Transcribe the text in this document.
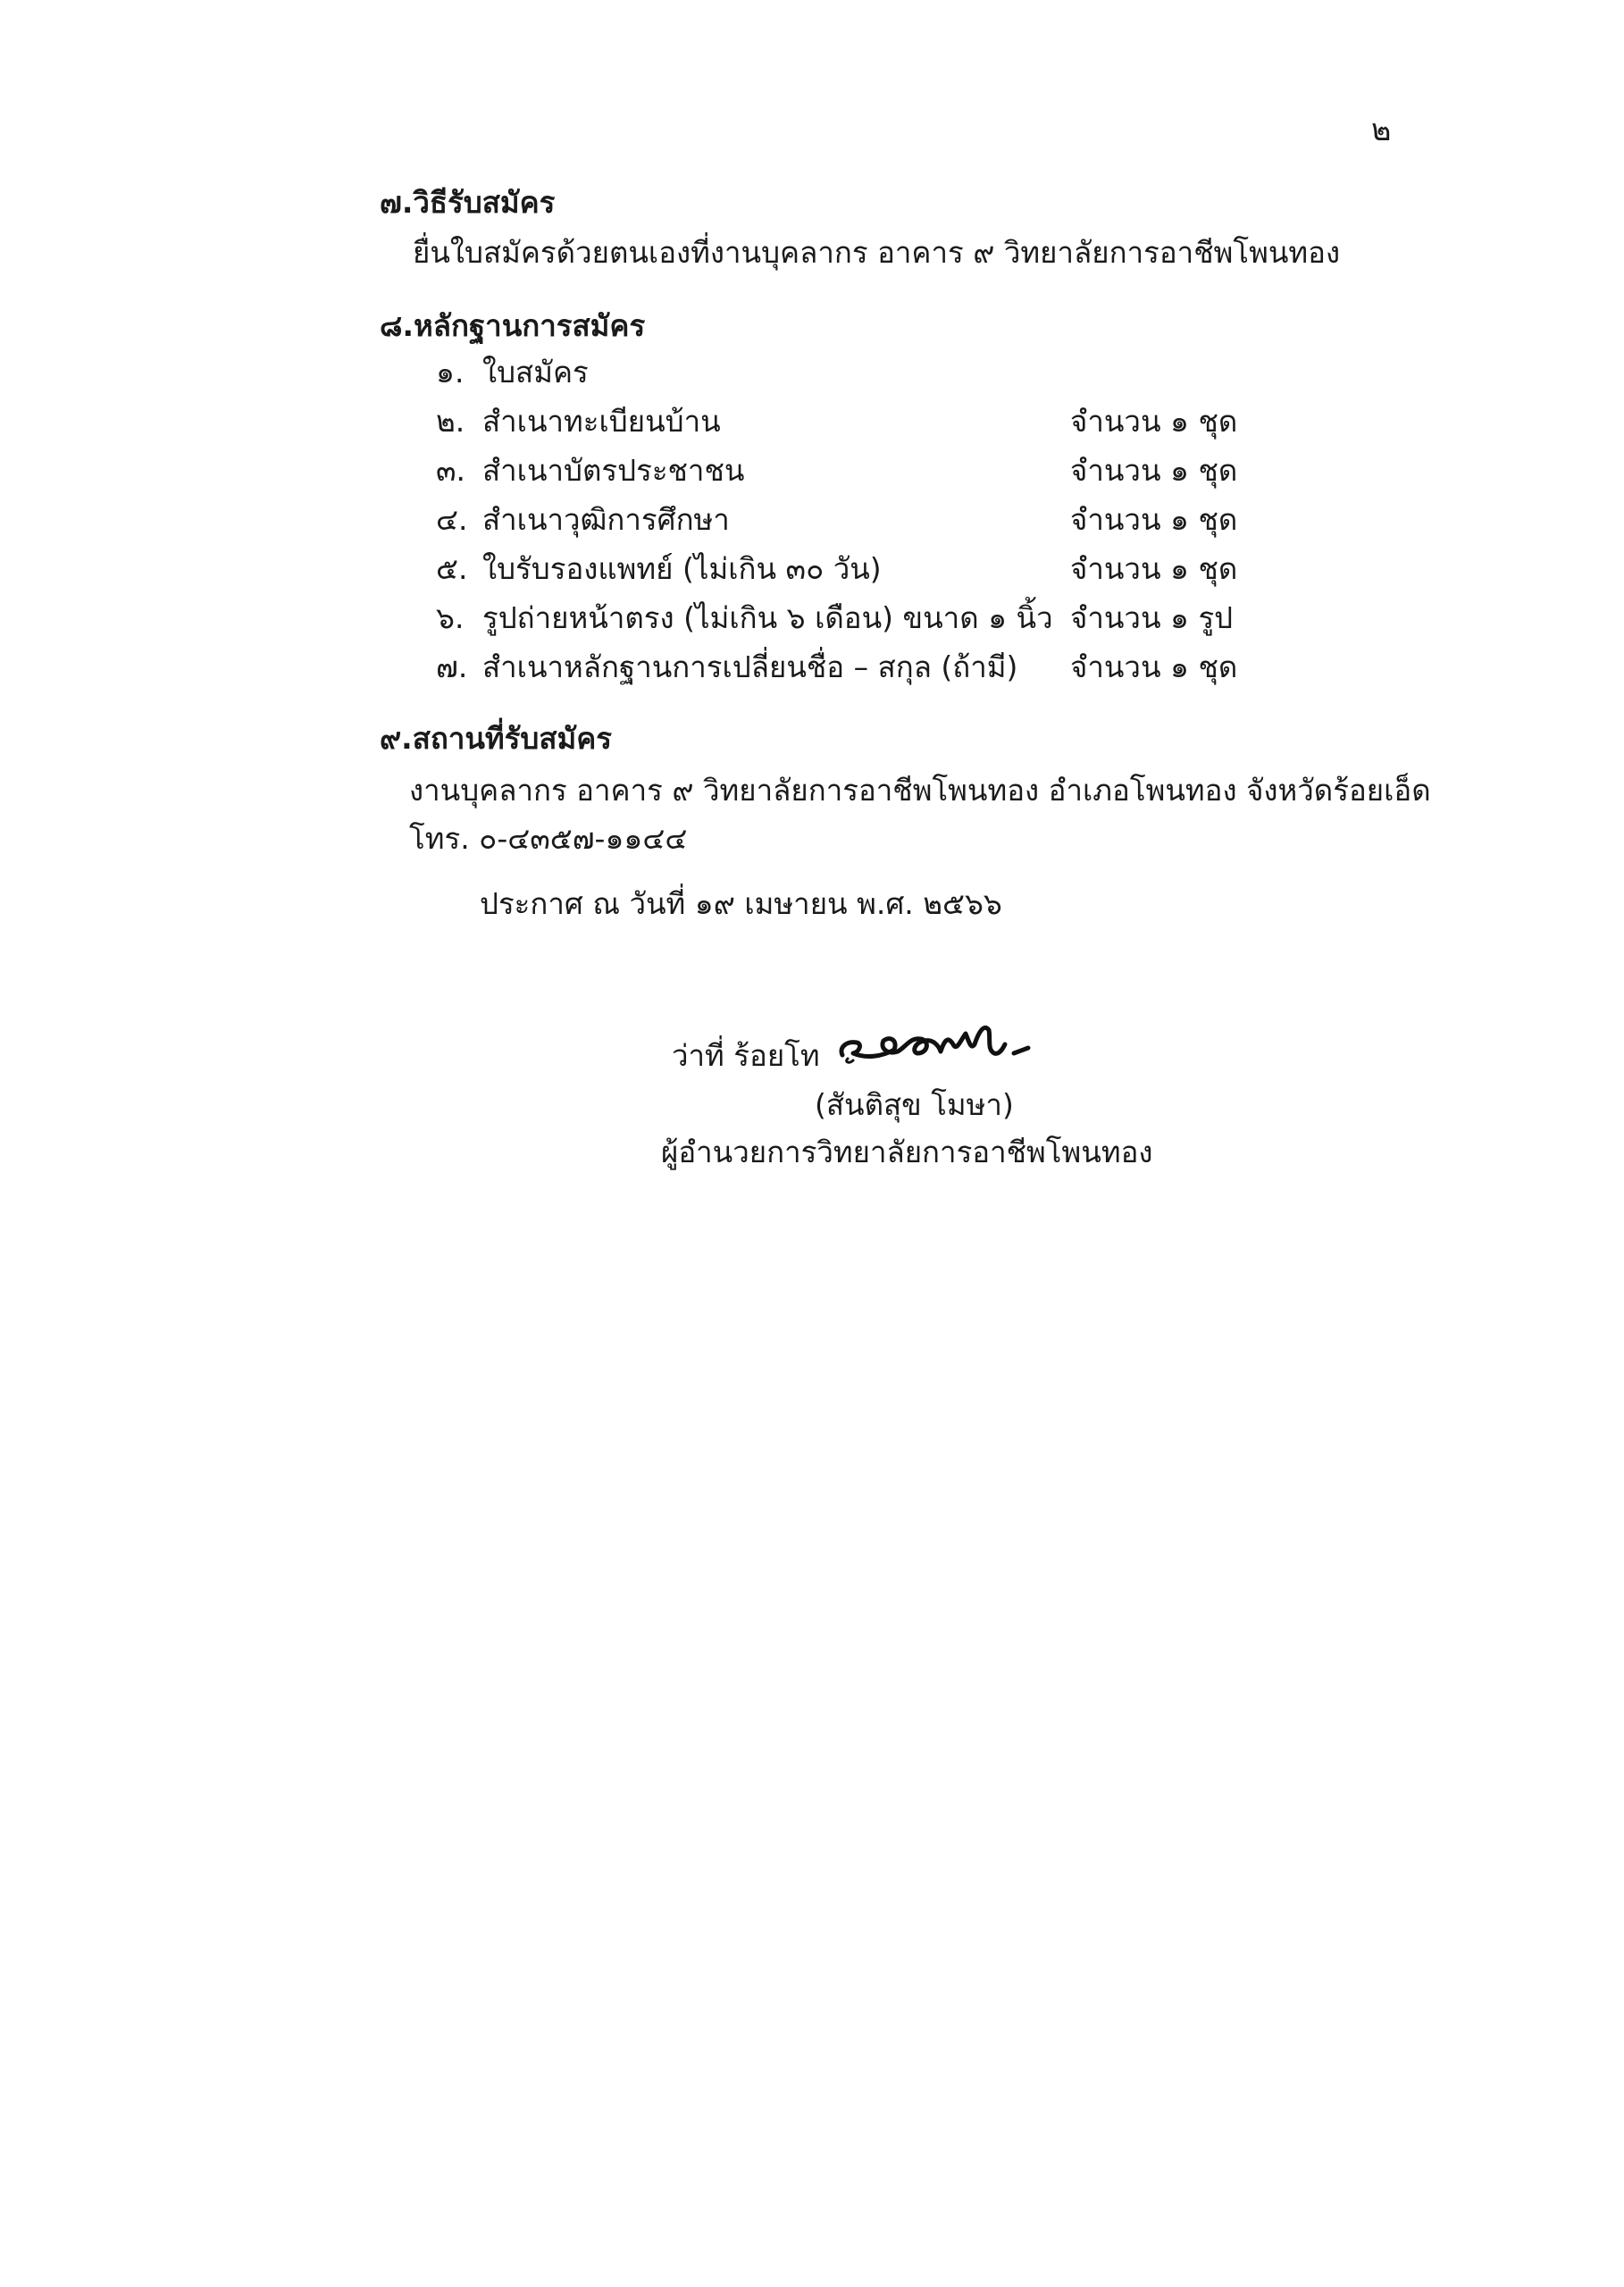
๒
๗.วิธีรับสมัคร
ยื่นใบสมัครด้วยตนเองที่งานบุคลากร อาคาร ๙ วิทยาลัยการอาชีพโพนทอง
๘.หลักฐานการสมัคร
๑. ใบสมัคร
๒. สำเนาทะเบียนบ้าน	จำนวน ๑ ชุด
๓. สำเนาบัตรประชาชน	จำนวน ๑ ชุด
๔. สำเนาวุฒิการศึกษา	จำนวน ๑ ชุด
๕. ใบรับรองแพทย์ (ไม่เกิน ๓๐ วัน)	จำนวน ๑ ชุด
๖. รูปถ่ายหน้าตรง (ไม่เกิน ๖ เดือน) ขนาด ๑ นิ้ว จำนวน ๑ รูป
๗. สำเนาหลักฐานการเปลี่ยนชื่อ – สกุล (ถ้ามี) จำนวน ๑ ชุด
๙.สถานที่รับสมัคร
งานบุคลากร อาคาร ๙ วิทยาลัยการอาชีพโพนทอง อำเภอโพนทอง จังหวัดร้อยเอ็ด
โทร. ๐-๔๓๕๗-๑๑๔๔
ประกาศ ณ วันที่ ๑๙ เมษายน พ.ศ. ๒๕๖๖
ว่าที่ ร้อยโท
(สันติสุข โมษา)
ผู้อำนวยการวิทยาลัยการอาชีพโพนทอง
